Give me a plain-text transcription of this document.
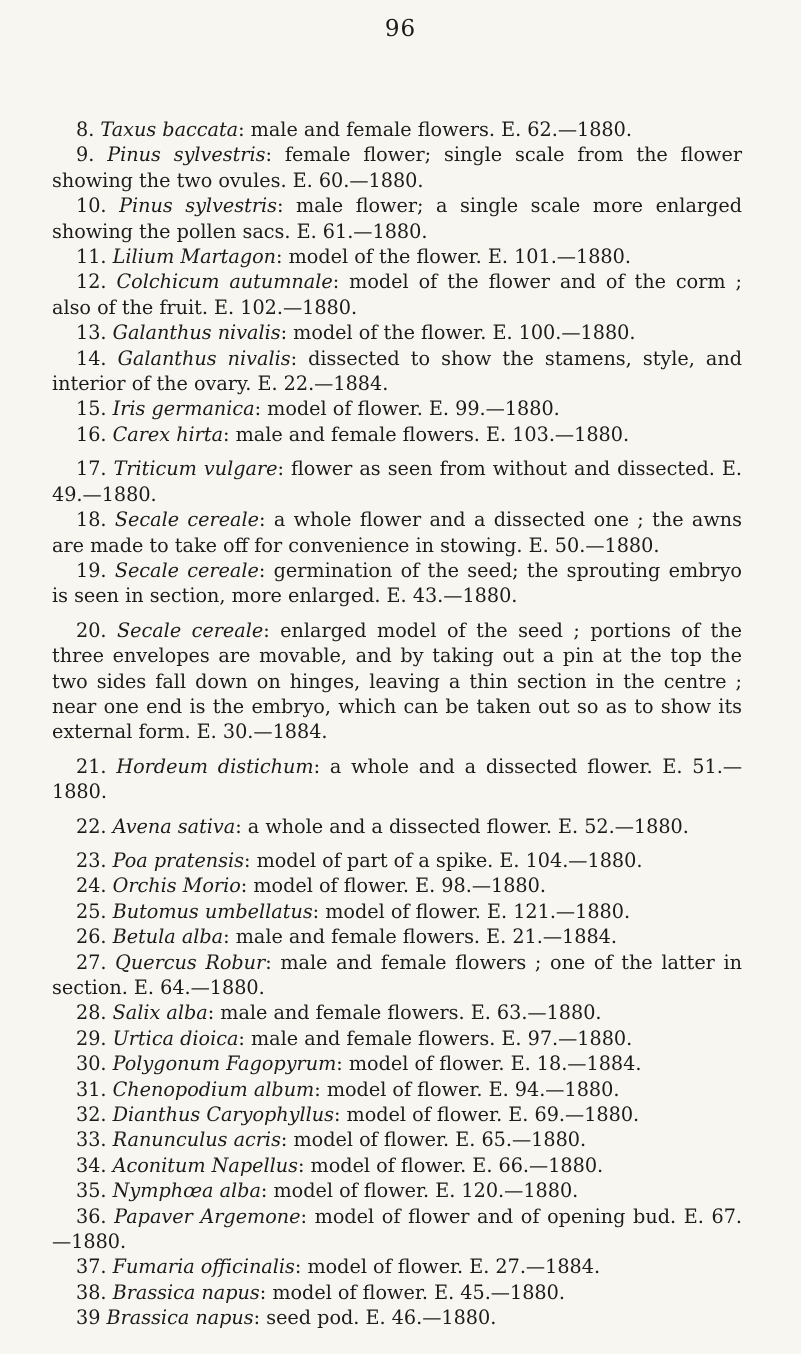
96

8. Taxus baccata: male and female flowers. E. 62.—1880.

9. Pinus sylvestris: female flower; single scale from the flower showing the two ovules. E. 60.—1880.

10. Pinus sylvestris: male flower; a single scale more enlarged showing the pollen sacs. E. 61.—1880.

11. Lilium Martagon: model of the flower. E. 101.—1880.

12. Colchicum autumnale: model of the flower and of the corm ; also of the fruit. E. 102.—1880.

13. Galanthus nivalis: model of the flower. E. 100.—1880.

14. Galanthus nivalis: dissected to show the stamens, style, and interior of the ovary. E. 22.—1884.

15. Iris germanica: model of flower. E. 99.—1880.

16. Carex hirta: male and female flowers. E. 103.—1880.

17. Triticum vulgare: flower as seen from without and dissected. E. 49.—1880.

18. Secale cereale: a whole flower and a dissected one ; the awns are made to take off for convenience in stowing. E. 50.—1880.

19. Secale cereale: germination of the seed; the sprouting embryo is seen in section, more enlarged. E. 43.—1880.

20. Secale cereale: enlarged model of the seed ; portions of the three envelopes are movable, and by taking out a pin at the top the two sides fall down on hinges, leaving a thin section in the centre ; near one end is the embryo, which can be taken out so as to show its external form. E. 30.—1884.

21. Hordeum distichum: a whole and a dissected flower. E. 51.—1880.

22. Avena sativa: a whole and a dissected flower. E. 52.—1880.

23. Poa pratensis: model of part of a spike. E. 104.—1880.

24. Orchis Morio: model of flower. E. 98.—1880.

25. Butomus umbellatus: model of flower. E. 121.—1880.

26. Betula alba: male and female flowers. E. 21.—1884.

27. Quercus Robur: male and female flowers ; one of the latter in section. E. 64.—1880.

28. Salix alba: male and female flowers. E. 63.—1880.

29. Urtica dioica: male and female flowers. E. 97.—1880.

30. Polygonum Fagopyrum: model of flower. E. 18.—1884.

31. Chenopodium album: model of flower. E. 94.—1880.

32. Dianthus Caryophyllus: model of flower. E. 69.—1880.

33. Ranunculus acris: model of flower. E. 65.—1880.

34. Aconitum Napellus: model of flower. E. 66.—1880.

35. Nymphœa alba: model of flower. E. 120.—1880.

36. Papaver Argemone: model of flower and of opening bud. E. 67.—1880.

37. Fumaria officinalis: model of flower. E. 27.—1884.

38. Brassica napus: model of flower. E. 45.—1880.

39 Brassica napus: seed pod. E. 46.—1880.
